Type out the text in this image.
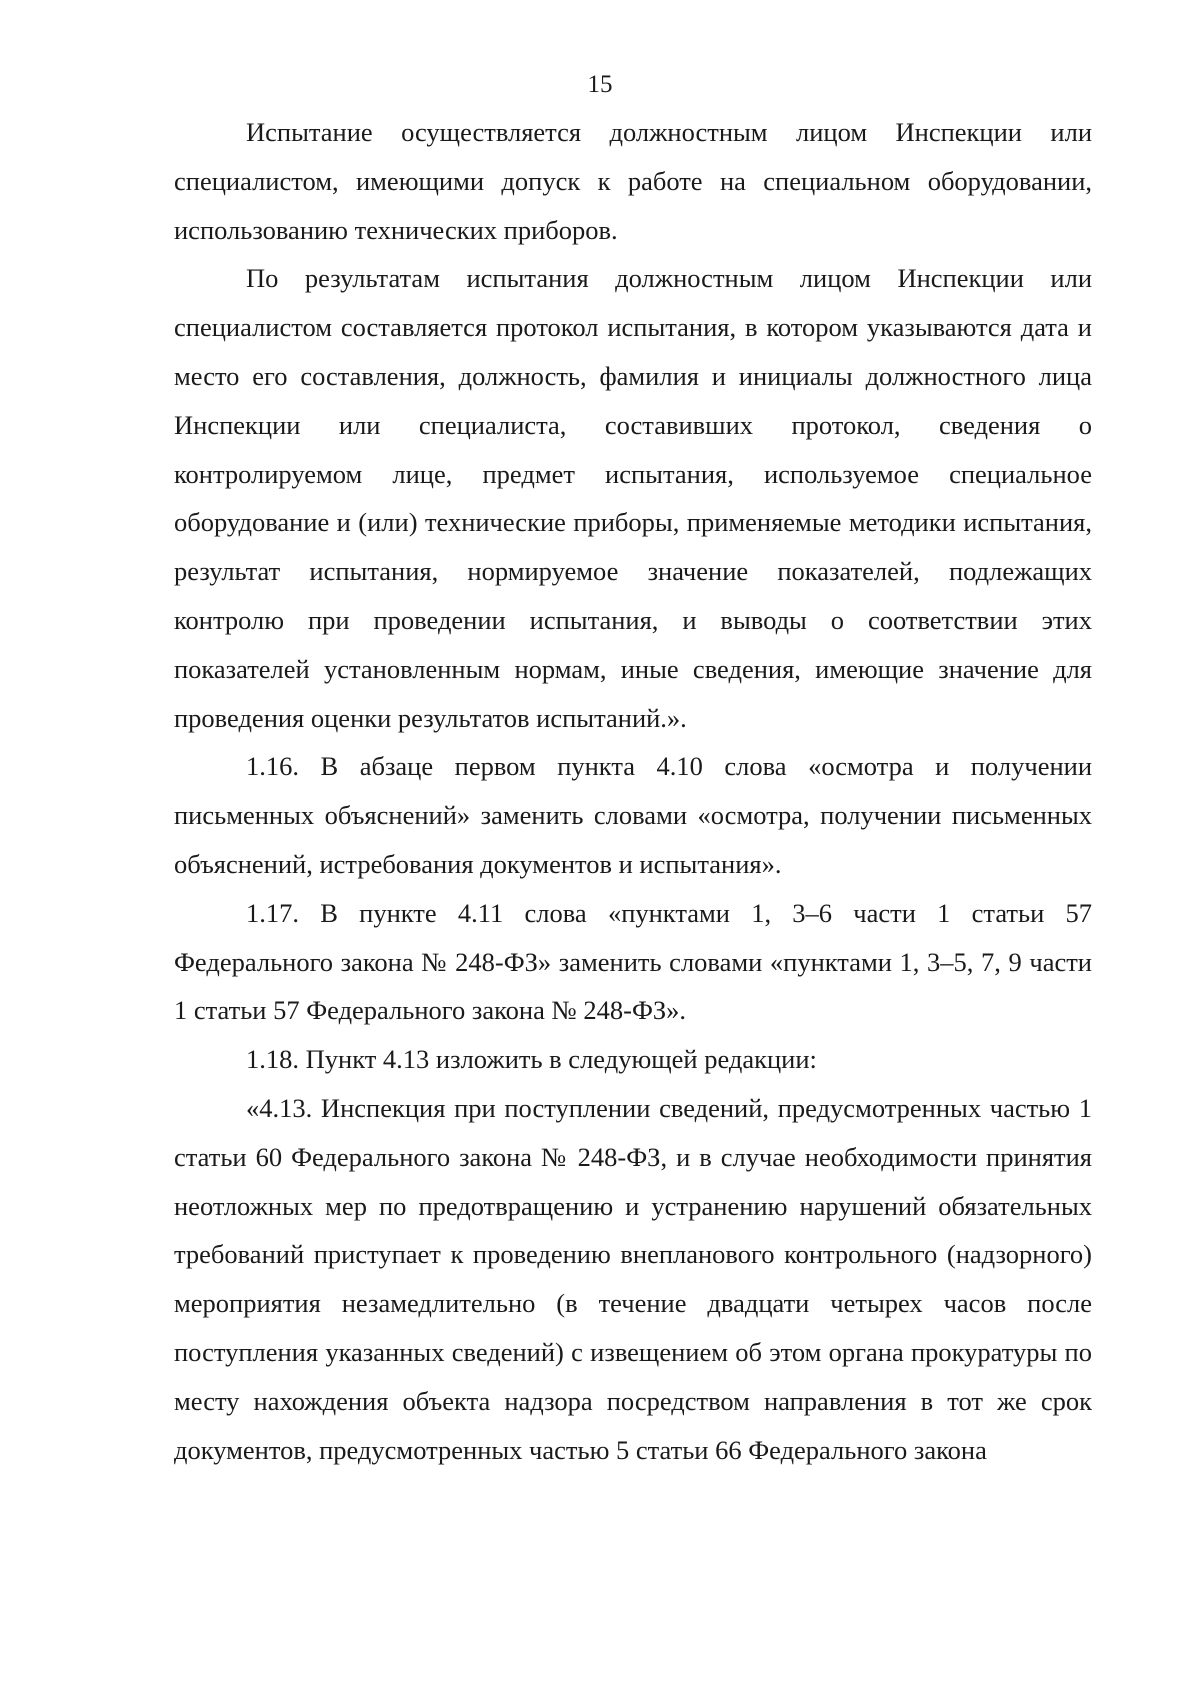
15

Испытание осуществляется должностным лицом Инспекции или специалистом, имеющими допуск к работе на специальном оборудовании, использованию технических приборов.

По результатам испытания должностным лицом Инспекции или специалистом составляется протокол испытания, в котором указываются дата и место его составления, должность, фамилия и инициалы должностного лица Инспекции или специалиста, составивших протокол, сведения о контролируемом лице, предмет испытания, используемое специальное оборудование и (или) технические приборы, применяемые методики испытания, результат испытания, нормируемое значение показателей, подлежащих контролю при проведении испытания, и выводы о соответствии этих показателей установленным нормам, иные сведения, имеющие значение для проведения оценки результатов испытаний.».

1.16. В абзаце первом пункта 4.10 слова «осмотра и получении письменных объяснений» заменить словами «осмотра, получении письменных объяснений, истребования документов и испытания».

1.17. В пункте 4.11 слова «пунктами 1, 3–6 части 1 статьи 57 Федерального закона № 248-ФЗ» заменить словами «пунктами 1, 3–5, 7, 9 части 1 статьи 57 Федерального закона № 248-ФЗ».

1.18. Пункт 4.13 изложить в следующей редакции:

«4.13. Инспекция при поступлении сведений, предусмотренных частью 1 статьи 60 Федерального закона № 248-ФЗ, и в случае необходимости принятия неотложных мер по предотвращению и устранению нарушений обязательных требований приступает к проведению внепланового контрольного (надзорного) мероприятия незамедлительно (в течение двадцати четырех часов после поступления указанных сведений) с извещением об этом органа прокуратуры по месту нахождения объекта надзора посредством направления в тот же срок документов, предусмотренных частью 5 статьи 66 Федерального закона
